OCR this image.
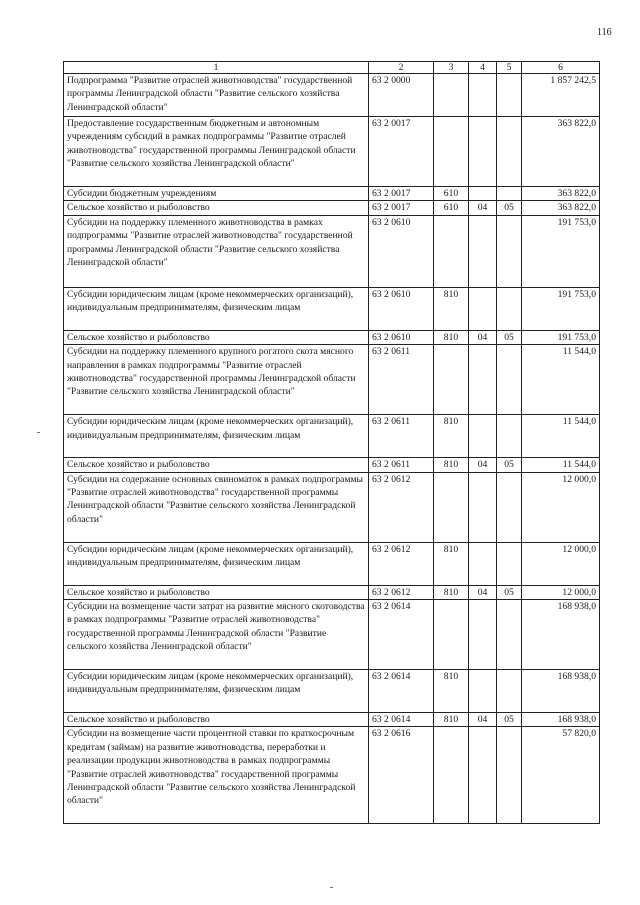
116
1	2	3	4	5	6
Подпрограмма "Развитие отраслей животноводства" государственной программы Ленинградской области "Развитие сельского хозяйства Ленинградской области"	63 2 0000				1 857 242,5
Предоставление государственным бюджетным и автономным учреждениям субсидий в рамках подпрограммы "Развитие отраслей животноводства" государственной программы Ленинградской области "Развитие сельского хозяйства Ленинградской области"	63 2 0017				363 822,0
Субсидии бюджетным учреждениям	63 2 0017	610			363 822,0
Сельское хозяйство и рыболовство	63 2 0017	610	04	05	363 822,0
Субсидии на поддержку племенного животноводства в рамках подпрограммы "Развитие отраслей животноводства" государственной программы Ленинградской области "Развитие сельского хозяйства Ленинградской области"	63 2 0610				191 753,0
Субсидии юридическим лицам (кроме некоммерческих организаций), индивидуальным предпринимателям, физическим лицам	63 2 0610	810			191 753,0
Сельское хозяйство и рыболовство	63 2 0610	810	04	05	191 753,0
Субсидии на поддержку племенного крупного рогатого скота мясного направления в рамках подпрограммы "Развитие отраслей животноводства" государственной программы Ленинградской области "Развитие сельского хозяйства Ленинградской области"	63 2 0611				11 544,0
Субсидии юридическим лицам (кроме некоммерческих организаций), индивидуальным предпринимателям, физическим лицам	63 2 0611	810			11 544,0
Сельское хозяйство и рыболовство	63 2 0611	810	04	05	11 544,0
Субсидии на содержание основных свиноматок в рамках подпрограммы "Развитие отраслей животноводства" государственной программы Ленинградской области "Развитие сельского хозяйства Ленинградской области"	63 2 0612				12 000,0
Субсидии юридическим лицам (кроме некоммерческих организаций), индивидуальным предпринимателям, физическим лицам	63 2 0612	810			12 000,0
Сельское хозяйство и рыболовство	63 2 0612	810	04	05	12 000,0
Субсидии на возмещение части затрат на развитие мясного скотоводства в рамках подпрограммы "Развитие отраслей животноводства" государственной программы Ленинградской области "Развитие сельского хозяйства Ленинградской области"	63 2 0614				168 938,0
Субсидии юридическим лицам (кроме некоммерческих организаций), индивидуальным предпринимателям, физическим лицам	63 2 0614	810			168 938,0
Сельское хозяйство и рыболовство	63 2 0614	810	04	05	168 938,0
Субсидии на возмещение части процентной ставки по краткосрочным кредитам (займам) на развитие животноводства, переработки и реализации продукции животноводства в рамках подпрограммы "Развитие отраслей животноводства" государственной программы Ленинградской области "Развитие сельского хозяйства Ленинградской области"	63 2 0616				57 820,0
